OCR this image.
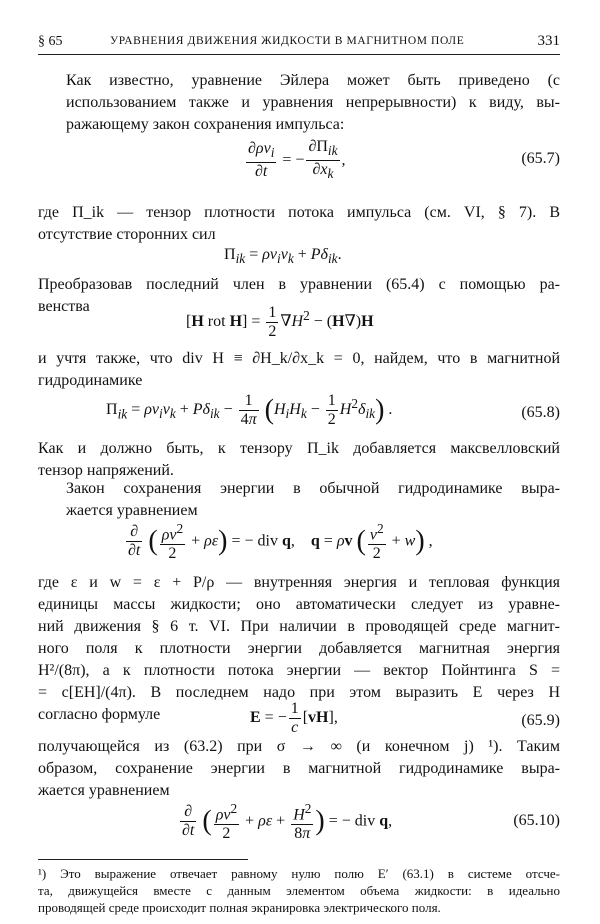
§ 65	УРАВНЕНИЯ ДВИЖЕНИЯ ЖИДКОСТИ В МАГНИТНОМ ПОЛЕ	331
Как известно, уравнение Эйлера может быть приведено (с
использованием также и уравнения непрерывности) к виду, вы-
ражающему закон сохранения импульса:
$\frac{\partial\rho v_i}{\partial t}$ = − $\frac{\partial\Pi_{ik}}{\partial x_k}$ ,	(65.7)
где Π_ik — тензор плотности потока импульса (см. VI, § 7). В
отсутствие сторонних сил
$\Pi_{ik} = \rho v_iv_k + P\delta_{ik}$.
Преобразовав последний член в уравнении (65.4) с помощью ра-
венства
[H rot $H] = \frac{1}{2} \nabla H^2 - (H\nabla)H$
и учтя также, что div H ≡ ∂H_k/∂x_k = 0, найдем, что в магнитной
гидродинамике
$\Pi_{ik} = \rho v_iv_k + P\delta_{ik} - \frac{1}{4\pi} (H_iH_k - \frac{1}{2} H^2\delta_{ik})$ .	(65.8)
Как и должно быть, к тензору Π_ik добавляется максвелловский
тензор напряжений.
Закон сохранения энергии в обычной гидродинамике выра-
жается уравнением
$\frac{\partial}{\partial t}$ ( $\frac{\rho v^2}{2} + \rho\varepsilon$) = − div q,    q = ρv ( $\frac{v^2}{2} + w$) ,
где ε и w = ε + P/ρ — внутренняя энергия и тепловая функция
единицы массы жидкости; оно автоматически следует из уравне-
ний движения § 6 т. VI. При наличии в проводящей среде магнит-
ного поля к плотности энергии добавляется магнитная энергия
H²/(8π), а к плотности потока энергии — вектор Пойнтинга S =
= c[EH]/(4π). В последнем надо при этом выразить E через H
согласно формуле	E = − $\frac{1}{c} [vH]$,	(65.9)
получающейся из (63.2) при σ → ∞ (и конечном j) ¹). Таким
образом, сохранение энергии в магнитной гидродинамике выра-
жается уравнением
$\frac{\partial}{\partial t}$ ( $\frac{\rho v^2}{2} + \rho\varepsilon + \frac{H^2}{8\pi}$ ) = − div q,	(65.10)
¹) Это выражение отвечает равному нулю полю E′ (63.1) в системе отсче-
та, движущейся вместе с данным элементом объема жидкости: в идеально
проводящей среде происходит полная экранировка электрического поля.
